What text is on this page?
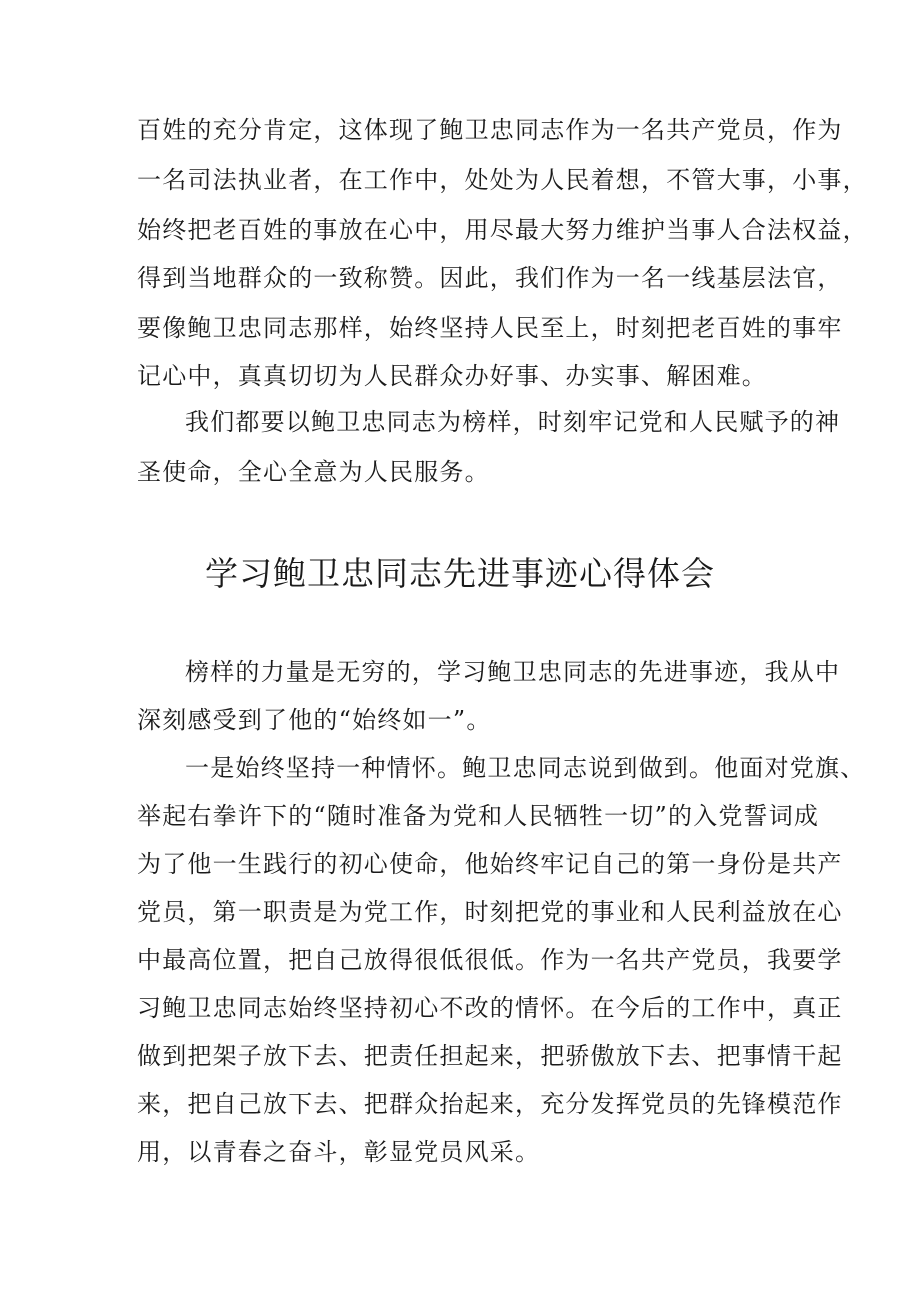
百姓的充分肯定，这体现了鲍卫忠同志作为一名共产党员，作为
一名司法执业者，在工作中，处处为人民着想，不管大事，小事，
始终把老百姓的事放在心中，用尽最大努力维护当事人合法权益，
得到当地群众的一致称赞。因此，我们作为一名一线基层法官，
要像鲍卫忠同志那样，始终坚持人民至上，时刻把老百姓的事牢
记心中，真真切切为人民群众办好事、办实事、解困难。
我们都要以鲍卫忠同志为榜样，时刻牢记党和人民赋予的神
圣使命，全心全意为人民服务。
学习鲍卫忠同志先进事迹心得体会
榜样的力量是无穷的，学习鲍卫忠同志的先进事迹，我从中
深刻感受到了他的“始终如一”。
一是始终坚持一种情怀。鲍卫忠同志说到做到。他面对党旗、
举起右拳许下的“随时准备为党和人民牺牲一切”的入党誓词成
为了他一生践行的初心使命，他始终牢记自己的第一身份是共产
党员，第一职责是为党工作，时刻把党的事业和人民利益放在心
中最高位置，把自己放得很低很低。作为一名共产党员，我要学
习鲍卫忠同志始终坚持初心不改的情怀。在今后的工作中，真正
做到把架子放下去、把责任担起来，把骄傲放下去、把事情干起
来，把自己放下去、把群众抬起来，充分发挥党员的先锋模范作
用，以青春之奋斗，彰显党员风采。
